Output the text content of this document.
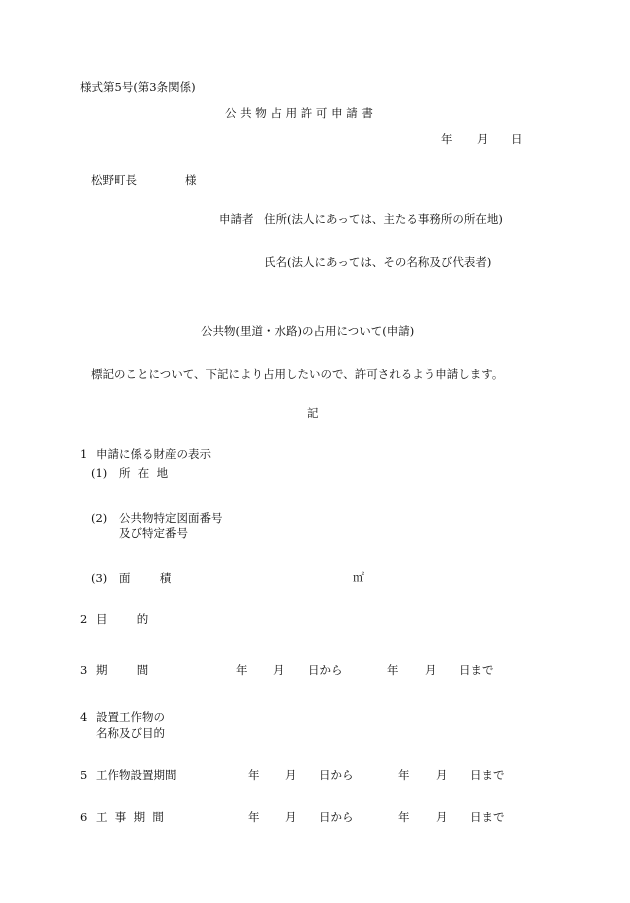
様式第5号(第3条関係)
公 共 物 占 用 許 可 申 請 書
年 月 日
松野町長	様
申請者 住所(法人にあっては、主たる事務所の所在地)
氏名(法人にあっては、その名称及び代表者)
公共物(里道・水路)の占用について(申請)
標記のことについて、下記により占用したいので、許可されるよう申請します。
記
1 申請に係る財産の表示
(1) 所  在  地
(2) 公共物特定図面番号
及び特定番号
(3) 面        積	㎡
2 目        的
3 期        間	年 月 日から	年 月 日まで
4 設置工作物の
名称及び目的
5 工作物設置期間	年 月 日から	年 月 日まで
6 工  事  期  間	年 月 日から	年 月 日まで
